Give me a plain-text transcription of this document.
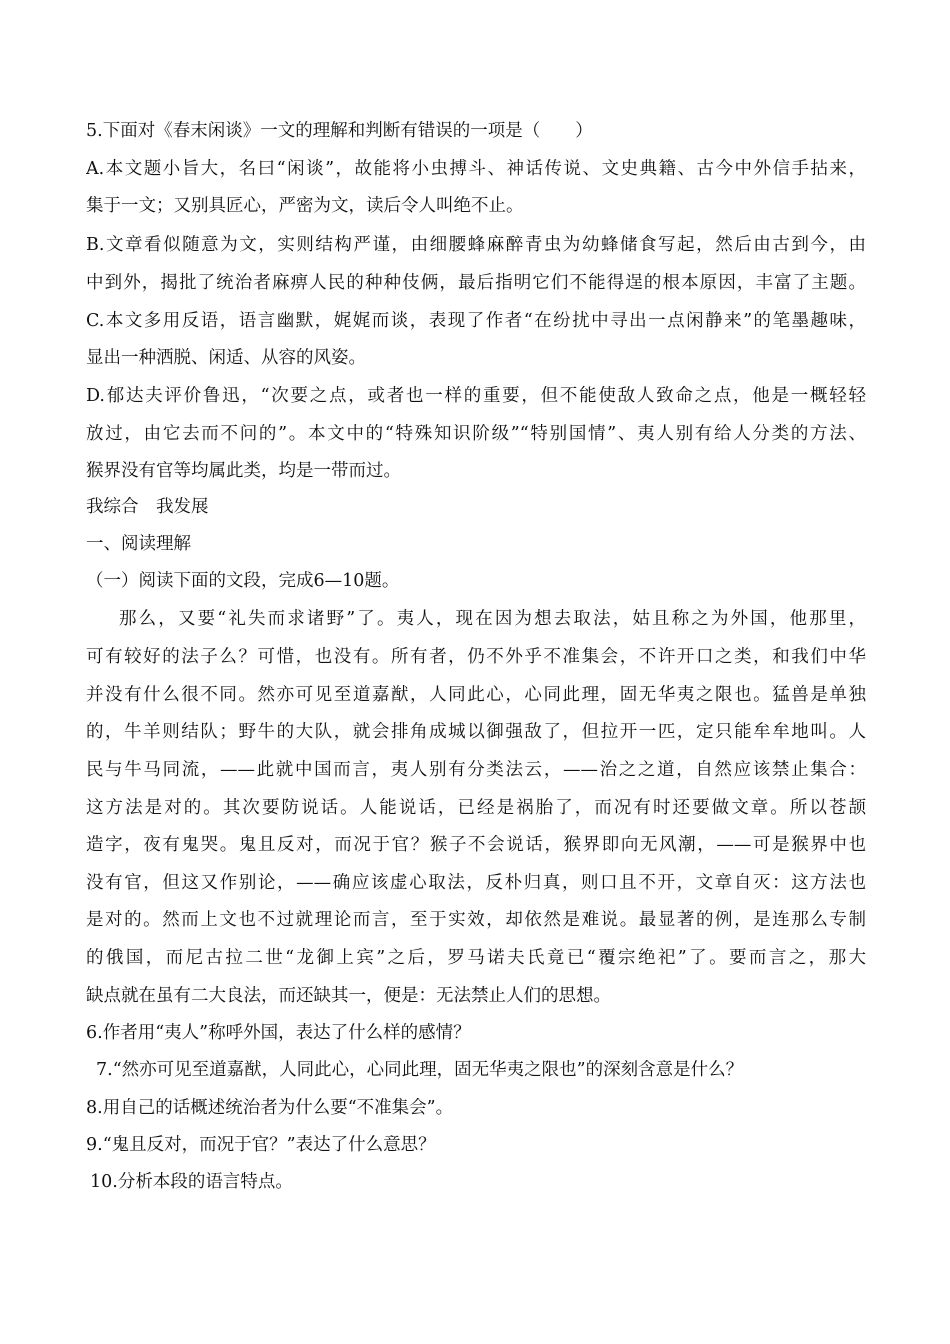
5.下面对《春末闲谈》一文的理解和判断有错误的一项是（　　）
A.本文题小旨大，名曰“闲谈”，故能将小虫搏斗、神话传说、文史典籍、古今中外信手拈来，
集于一文；又别具匠心，严密为文，读后令人叫绝不止。
B.文章看似随意为文，实则结构严谨，由细腰蜂麻醉青虫为幼蜂储食写起，然后由古到今，由
中到外，揭批了统治者麻痹人民的种种伎俩，最后指明它们不能得逞的根本原因，丰富了主题。
C.本文多用反语，语言幽默，娓娓而谈，表现了作者“在纷扰中寻出一点闲静来”的笔墨趣味，
显出一种洒脱、闲适、从容的风姿。
D.郁达夫评价鲁迅，“次要之点，或者也一样的重要，但不能使敌人致命之点，他是一概轻轻
放过，由它去而不问的”。本文中的“特殊知识阶级”“特别国情”、夷人别有给人分类的方法、
猴界没有官等均属此类，均是一带而过。
我综合　我发展
一、阅读理解
（一）阅读下面的文段，完成6—10题。
那么，又要“礼失而求诸野”了。夷人，现在因为想去取法，姑且称之为外国，他那里，
可有较好的法子么？可惜，也没有。所有者，仍不外乎不准集会，不许开口之类，和我们中华
并没有什么很不同。然亦可见至道嘉猷，人同此心，心同此理，固无华夷之限也。猛兽是单独
的，牛羊则结队；野牛的大队，就会排角成城以御强敌了，但拉开一匹，定只能牟牟地叫。人
民与牛马同流，——此就中国而言，夷人别有分类法云，——治之之道，自然应该禁止集合：
这方法是对的。其次要防说话。人能说话，已经是祸胎了，而况有时还要做文章。所以苍颉
造字，夜有鬼哭。鬼且反对，而况于官？猴子不会说话，猴界即向无风潮，——可是猴界中也
没有官，但这又作别论，——确应该虚心取法，反朴归真，则口且不开，文章自灭：这方法也
是对的。然而上文也不过就理论而言，至于实效，却依然是难说。最显著的例，是连那么专制
的俄国，而尼古拉二世“龙御上宾”之后，罗马诺夫氏竟已“覆宗绝祀”了。要而言之，那大
缺点就在虽有二大良法，而还缺其一，便是：无法禁止人们的思想。
6.作者用“夷人”称呼外国，表达了什么样的感情？
7.“然亦可见至道嘉猷，人同此心，心同此理，固无华夷之限也”的深刻含意是什么？
8.用自己的话概述统治者为什么要“不准集会”。
9.“鬼且反对，而况于官？”表达了什么意思？
10.分析本段的语言特点。
